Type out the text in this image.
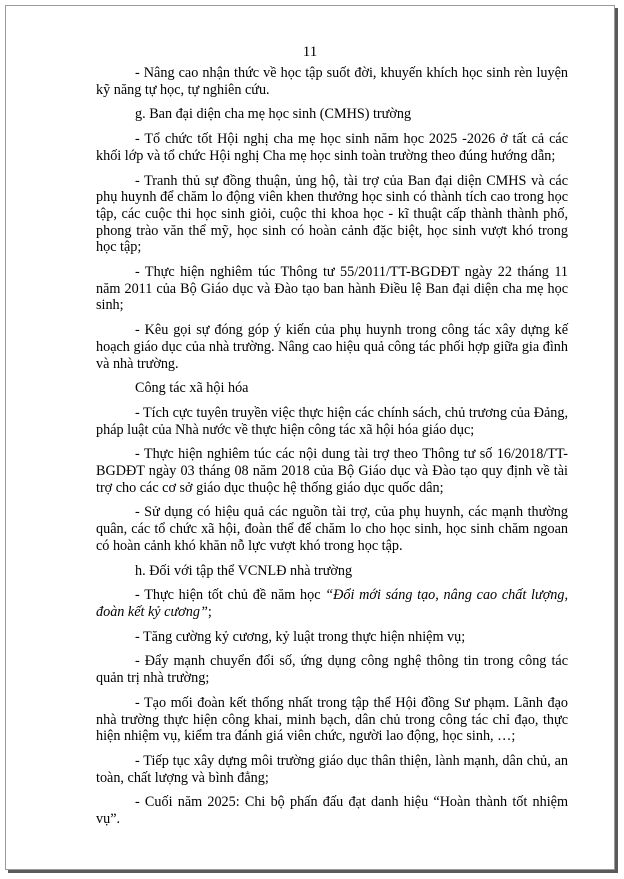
11

- Nâng cao nhận thức về học tập suốt đời, khuyến khích học sinh rèn luyện kỹ năng tự học, tự nghiên cứu.

g. Ban đại diện cha mẹ học sinh (CMHS) trường

- Tổ chức tốt Hội nghị cha mẹ học sinh năm học 2025 -2026 ở tất cả các khối lớp và tổ chức Hội nghị Cha mẹ học sinh toàn trường theo đúng hướng dẫn;

- Tranh thủ sự đồng thuận, ủng hộ, tài trợ của Ban đại diện CMHS và các phụ huynh để chăm lo động viên khen thưởng học sinh có thành tích cao trong học tập, các cuộc thi học sinh giỏi, cuộc thi khoa học - kĩ thuật cấp thành thành phố, phong trào văn thể mỹ, học sinh có hoàn cảnh đặc biệt, học sinh vượt khó trong học tập;

- Thực hiện nghiêm túc Thông tư 55/2011/TT-BGDĐT ngày 22 tháng 11 năm 2011 của Bộ Giáo dục và Đào tạo ban hành Điều lệ Ban đại diện cha mẹ học sinh;

- Kêu gọi sự đóng góp ý kiến của phụ huynh trong công tác xây dựng kế hoạch giáo dục của nhà trường. Nâng cao hiệu quả công tác phối hợp giữa gia đình và nhà trường.

Công tác xã hội hóa

- Tích cực tuyên truyền việc thực hiện các chính sách, chủ trương của Đảng, pháp luật của Nhà nước về thực hiện công tác xã hội hóa giáo dục;

- Thực hiện nghiêm túc các nội dung tài trợ theo Thông tư số 16/2018/TT-BGDĐT ngày 03 tháng 08 năm 2018 của Bộ Giáo dục và Đào tạo quy định về tài trợ cho các cơ sở giáo dục thuộc hệ thống giáo dục quốc dân;

- Sử dụng có hiệu quả các nguồn tài trợ, của phụ huynh, các mạnh thường quân, các tổ chức xã hội, đoàn thể để chăm lo cho học sinh, học sinh chăm ngoan có hoàn cảnh khó khăn nỗ lực vượt khó trong học tập.

h. Đối với tập thể VCNLĐ nhà trường

- Thực hiện tốt chủ đề năm học “Đổi mới sáng tạo, nâng cao chất lượng, đoàn kết kỷ cương”;

- Tăng cường kỷ cương, kỷ luật trong thực hiện nhiệm vụ;

- Đẩy mạnh chuyển đổi số, ứng dụng công nghệ thông tin trong công tác quản trị nhà trường;

- Tạo mối đoàn kết thống nhất trong tập thể Hội đồng Sư phạm. Lãnh đạo nhà trường thực hiện công khai, minh bạch, dân chủ trong công tác chỉ đạo, thực hiện nhiệm vụ, kiểm tra đánh giá viên chức, người lao động, học sinh, …;

- Tiếp tục xây dựng môi trường giáo dục thân thiện, lành mạnh, dân chủ, an toàn, chất lượng và bình đẳng;

- Cuối năm 2025: Chi bộ phấn đấu đạt danh hiệu “Hoàn thành tốt nhiệm vụ”.
